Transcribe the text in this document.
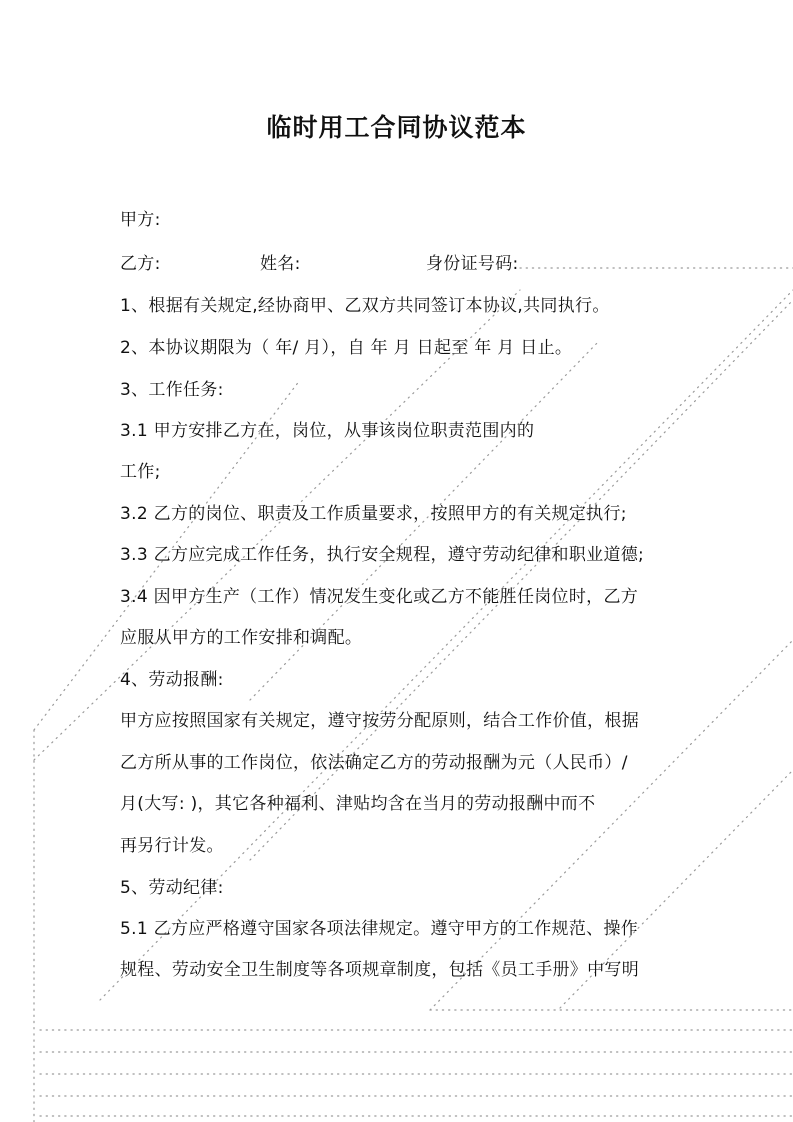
临时用工合同协议范本
甲方:
乙方:	姓名:	身份证号码:
1、根据有关规定,经协商甲、乙双方共同签订本协议,共同执行。
2、本协议期限为（ 年/ 月），自 年 月 日起至 年 月 日止。
3、工作任务:
3.1 甲方安排乙方在，岗位，从事该岗位职责范围内的
工作;
3.2 乙方的岗位、职责及工作质量要求，按照甲方的有关规定执行;
3.3 乙方应完成工作任务，执行安全规程，遵守劳动纪律和职业道德;
3.4 因甲方生产（工作）情况发生变化或乙方不能胜任岗位时，乙方
应服从甲方的工作安排和调配。
4、劳动报酬:
甲方应按照国家有关规定，遵守按劳分配原则，结合工作价值，根据
乙方所从事的工作岗位，依法确定乙方的劳动报酬为元（人民币）/
月(大写: )，其它各种福利、津贴均含在当月的劳动报酬中而不
再另行计发。
5、劳动纪律:
5.1 乙方应严格遵守国家各项法律规定。遵守甲方的工作规范、操作
规程、劳动安全卫生制度等各项规章制度，包括《员工手册》中写明
